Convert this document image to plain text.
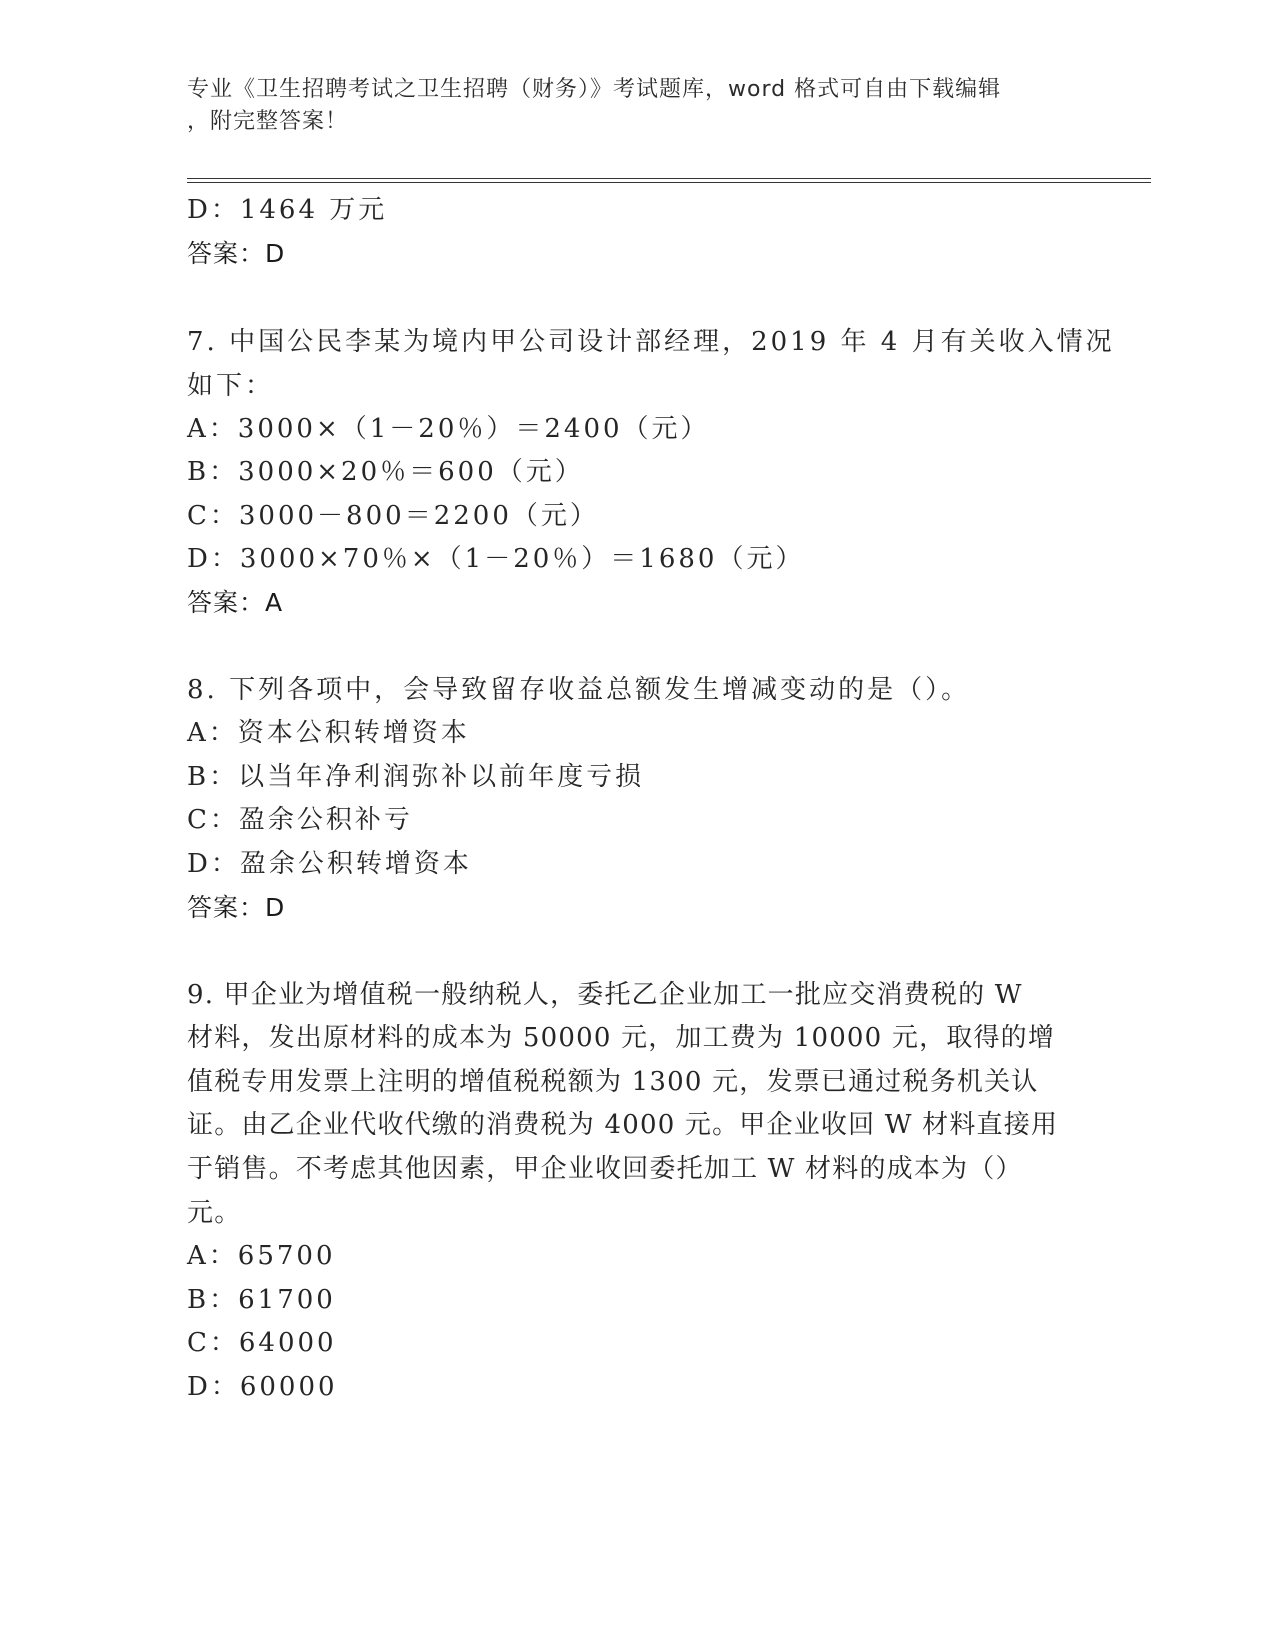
专业《卫生招聘考试之卫生招聘（财务）》考试题库，word 格式可自由下载编辑
，附完整答案！
D：1464 万元
答案：D
7. 中国公民李某为境内甲公司设计部经理，2019 年 4 月有关收入情况
如下：
A：3000×（1－20％）＝2400（元）
B：3000×20％＝600（元）
C：3000－800＝2200（元）
D：3000×70％×（1－20％）＝1680（元）
答案：A
8. 下列各项中，会导致留存收益总额发生增减变动的是（）。
A：资本公积转增资本
B：以当年净利润弥补以前年度亏损
C：盈余公积补亏
D：盈余公积转增资本
答案：D
9. 甲企业为增值税一般纳税人，委托乙企业加工一批应交消费税的 W
材料，发出原材料的成本为 50000 元，加工费为 10000 元，取得的增
值税专用发票上注明的增值税税额为 1300 元，发票已通过税务机关认
证。由乙企业代收代缴的消费税为 4000 元。甲企业收回 W 材料直接用
于销售。不考虑其他因素，甲企业收回委托加工 W 材料的成本为（）
元。
A：65700
B：61700
C：64000
D：60000
